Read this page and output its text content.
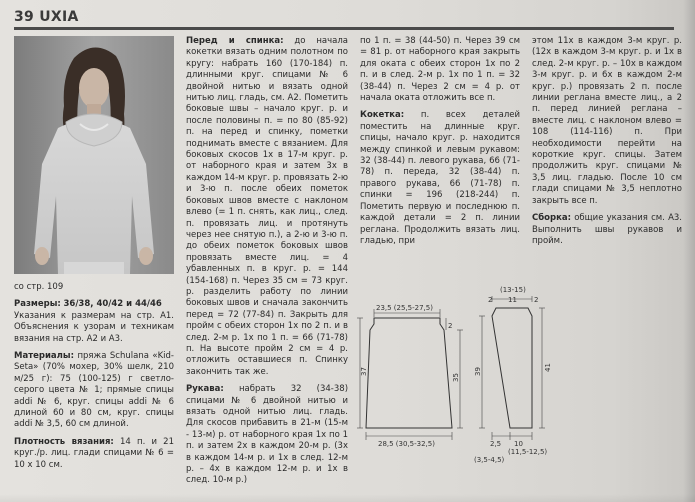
39 UXIA

со стр. 109

Размеры: 36/38, 40/42 и 44/46

Указания к размерам на стр. А1. Объяснения к узорам и техникам вязания на стр. А2 и А3.

Материалы: пряжа Schulana «Kid-Seta» (70% мохер, 30% шелк, 210 м/25 г): 75 (100-125) г светло-серого цвета № 1; прямые спицы addi № 6, круг. спицы addi № 6 длиной 60 и 80 см, круг. спицы addi № 3,5, 60 см длиной.

Плотность вязания: 14 п. и 21 круг./р. лиц. глади спицами № 6 = 10 х 10 см.

Перед и спинка: до начала кокетки вязать одним полотном по кругу: набрать 160 (170-184) п. длинными круг. спицами № 6 двойной нитью и вязать одной нитью лиц. гладь, см. А2. Пометить боковые швы – начало круг. р. и после половины п. = по 80 (85-92) п. на перед и спинку, пометки поднимать вместе с вязанием. Для боковых скосов 1х в 17-м круг. р. от наборного края и затем 3х в каждом 14-м круг. р. провязать 2-ю и 3-ю п. после обеих пометок боковых швов вместе с наклоном влево (= 1 п. снять, как лиц., след. п. провязать лиц. и протянуть через нее снятую п.), а 2-ю и 3-ю п. до обеих пометок боковых швов провязать вместе лиц. = 4 убавленных п. в круг. р. = 144 (154-168) п. Через 35 см = 73 круг. р. разделить работу по линии боковых швов и сначала закончить перед = 72 (77-84) п. Закрыть для пройм с обеих сторон 1х по 2 п. и в след. 2-м р. 1х по 1 п. = 66 (71-78) п. На высоте пройм 2 см = 4 р. отложить оставшиеся п. Спинку закончить так же.

Рукава: набрать 32 (34-38) спицами № 6 двойной нитью и вязать одной нитью лиц. гладь. Для скосов прибавить в 21-м (15-м - 13-м) р. от наборного края 1х по 1 п. и затем 2х в каждом 20-м р. (3х в каждом 14-м р. и 1х в след. 12-м р. – 4х в каждом 12-м р. и 1х в след. 10-м р.)

по 1 п. = 38 (44-50) п. Через 39 см = 81 р. от наборного края закрыть для оката с обеих сторон 1х по 2 п. и в след. 2-м р. 1х по 1 п. = 32 (38-44) п. Через 2 см = 4 р. от начала оката отложить все п.

Кокетка: п. всех деталей поместить на длинные круг. спицы, начало круг. р. находится между спинкой и левым рукавом: 32 (38-44) п. левого рукава, 66 (71-78) п. переда, 32 (38-44) п. правого рукава, 66 (71-78) п. спинки = 196 (218-244) п. Пометить первую и последнюю п. каждой детали = 2 п. линии реглана. Продолжить вязать лиц. гладью, при

этом 11х в каждом 3-м круг. р. (12х в каждом 3-м круг. р. и 1х в след. 2-м круг. р. – 10х в каждом 3-м круг. р. и 6х в каждом 2-м круг. р.) провязать 2 п. после линии реглана вместе лиц., а 2 п. перед линией реглана – вместе лиц. с наклоном влево = 108 (114-116) п. При необходимости перейти на короткие круг. спицы. Затем продолжить круг. спицами № 3,5 лиц. гладью. После 10 см глади спицами № 3,5 неплотно закрыть все п.

Сборка: общие указания см. А3. Выполнить швы рукавов и пройм.

23,5 (25,5-27,5)
2
37
35
28,5 (30,5-32,5)
(13-15)
2 11 2
39	41
10
(11,5-12,5)
2,5
(3,5-4,5)
